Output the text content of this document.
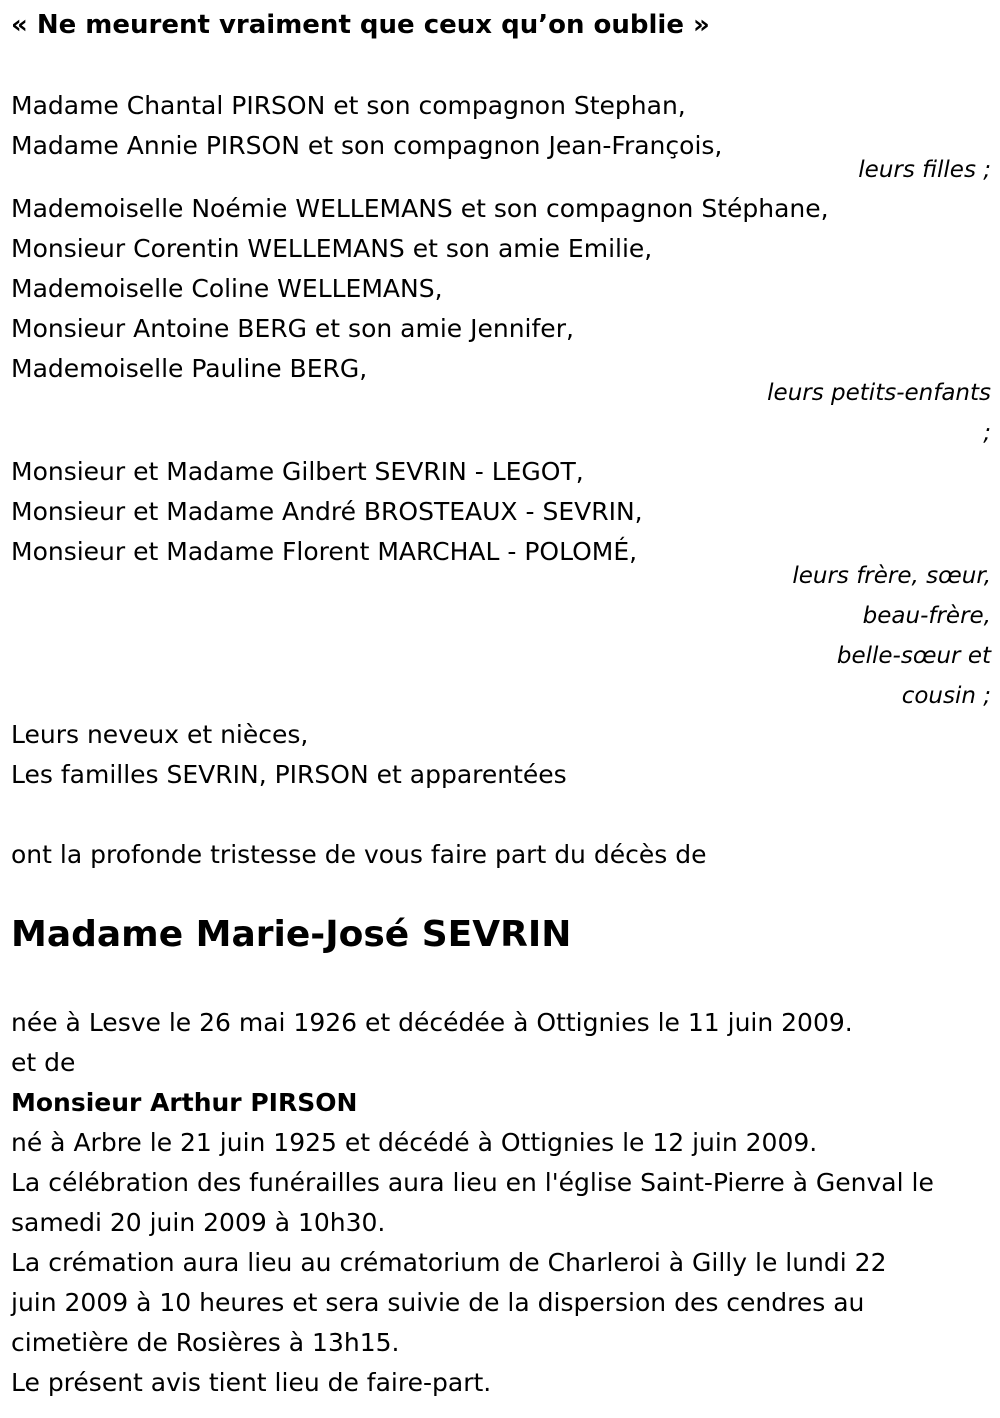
« Ne meurent vraiment que ceux qu’on oublie »
Madame Chantal PIRSON et son compagnon Stephan,
Madame Annie PIRSON et son compagnon Jean-François,
leurs filles ;
Mademoiselle Noémie WELLEMANS et son compagnon Stéphane,
Monsieur Corentin WELLEMANS et son amie Emilie,
Mademoiselle Coline WELLEMANS,
Monsieur Antoine BERG et son amie Jennifer,
Mademoiselle Pauline BERG,
leurs petits-enfants
;
Monsieur et Madame Gilbert SEVRIN - LEGOT,
Monsieur et Madame André BROSTEAUX - SEVRIN,
Monsieur et Madame Florent MARCHAL - POLOMÉ,
leurs frère, sœur,
beau-frère,
belle-sœur et
cousin ;
Leurs neveux et nièces,
Les familles SEVRIN, PIRSON et apparentées
ont la profonde tristesse de vous faire part du décès de
Madame Marie-José SEVRIN
née à Lesve le 26 mai 1926 et décédée à Ottignies le 11 juin 2009.
et de
Monsieur Arthur PIRSON
né à Arbre le 21 juin 1925 et décédé à Ottignies le 12 juin 2009.
La célébration des funérailles aura lieu en l'église Saint-Pierre à Genval le
samedi 20 juin 2009 à 10h30.
La crémation aura lieu au crématorium de Charleroi à Gilly le lundi 22
juin 2009 à 10 heures et sera suivie de la dispersion des cendres au
cimetière de Rosières à 13h15.
Le présent avis tient lieu de faire-part.
